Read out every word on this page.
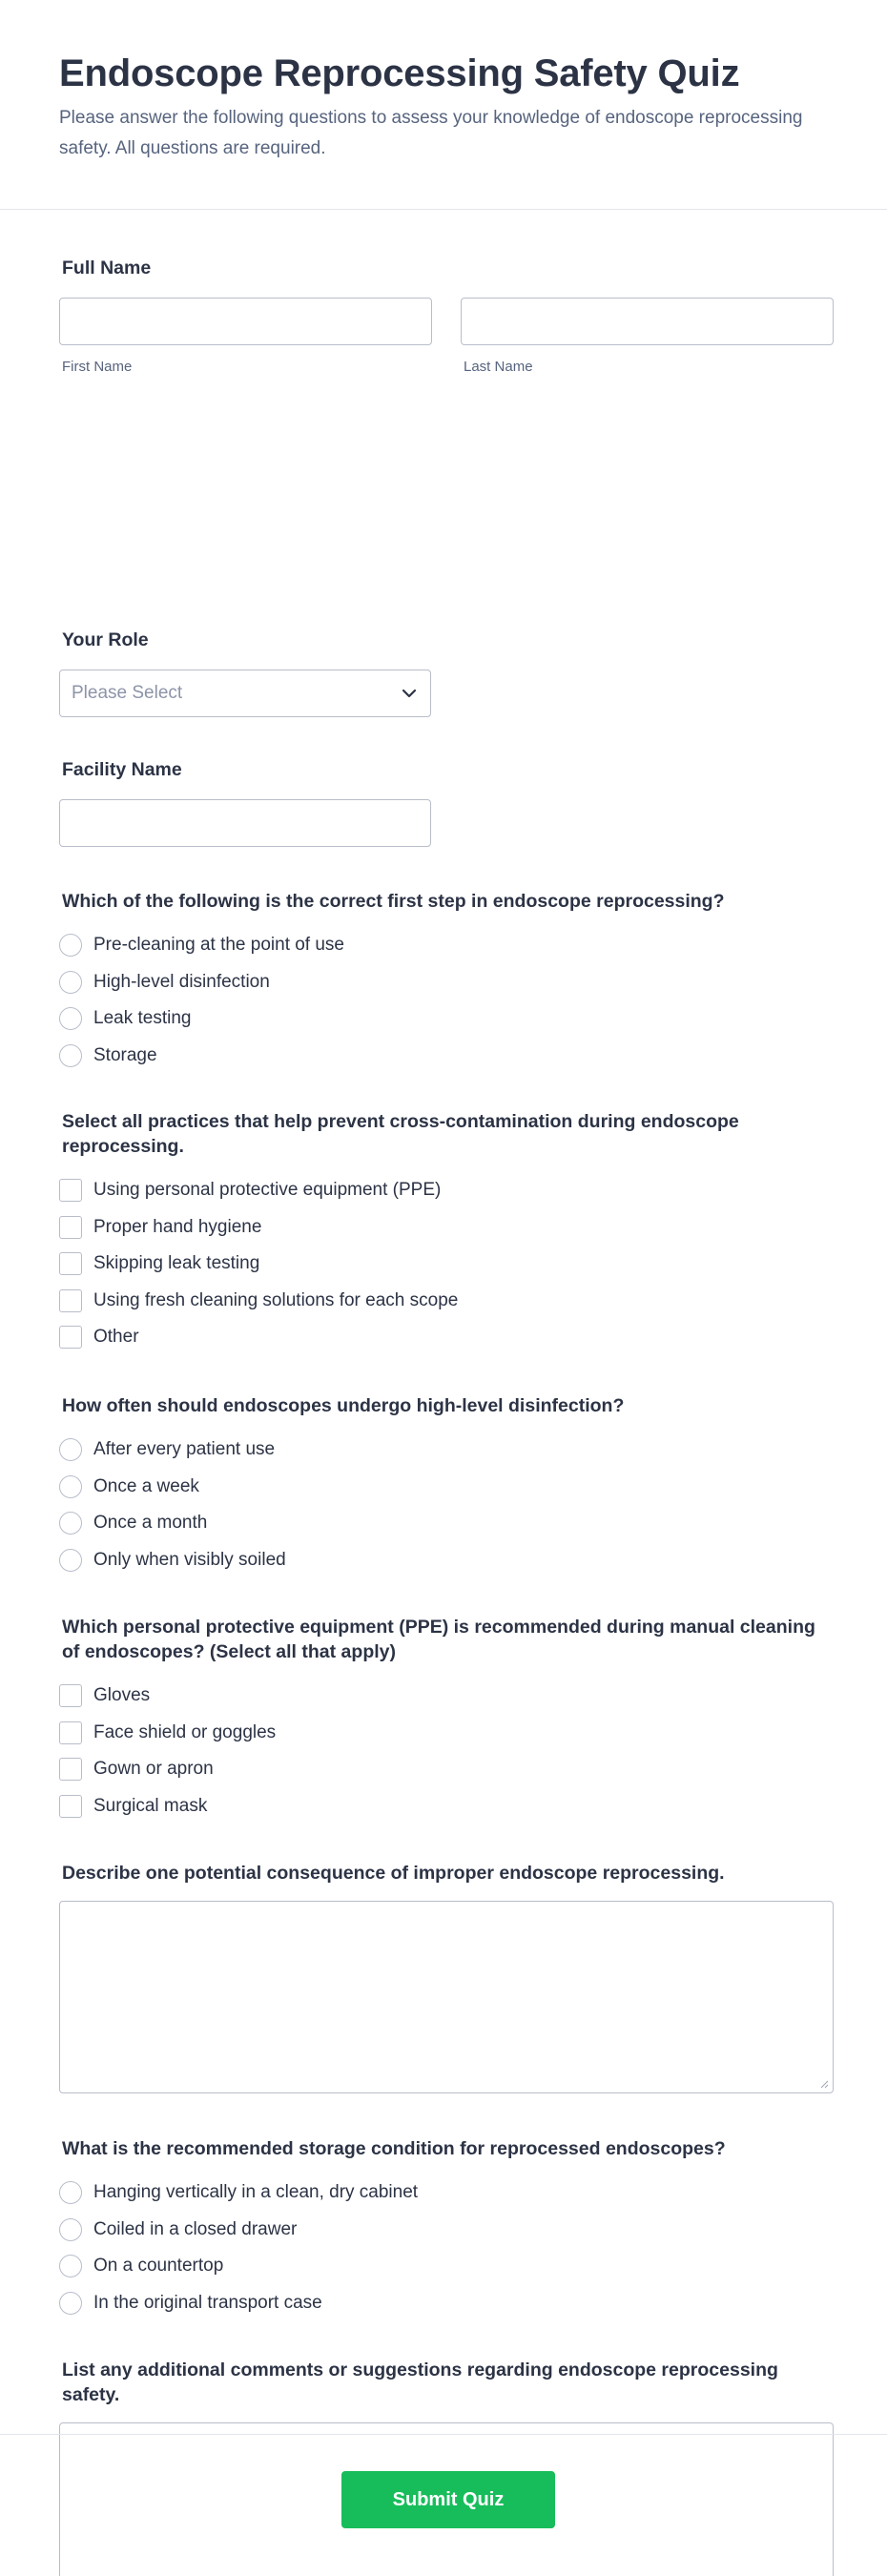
Endoscope Reprocessing Safety Quiz

Please answer the following questions to assess your knowledge of endoscope reprocessing safety. All questions are required.

Full Name
First Name	Last Name
Your Role
Please Select
Facility Name
Which of the following is the correct first step in endoscope reprocessing?
Pre-cleaning at the point of use
High-level disinfection
Leak testing
Storage
Select all practices that help prevent cross-contamination during endoscope reprocessing.
Using personal protective equipment (PPE)
Proper hand hygiene
Skipping leak testing
Using fresh cleaning solutions for each scope
Other
How often should endoscopes undergo high-level disinfection?
After every patient use
Once a week
Once a month
Only when visibly soiled
Which personal protective equipment (PPE) is recommended during manual cleaning of endoscopes? (Select all that apply)
Gloves
Face shield or goggles
Gown or apron
Surgical mask
Describe one potential consequence of improper endoscope reprocessing.
What is the recommended storage condition for reprocessed endoscopes?
Hanging vertically in a clean, dry cabinet
Coiled in a closed drawer
On a countertop
In the original transport case
List any additional comments or suggestions regarding endoscope reprocessing safety.
Submit Quiz
